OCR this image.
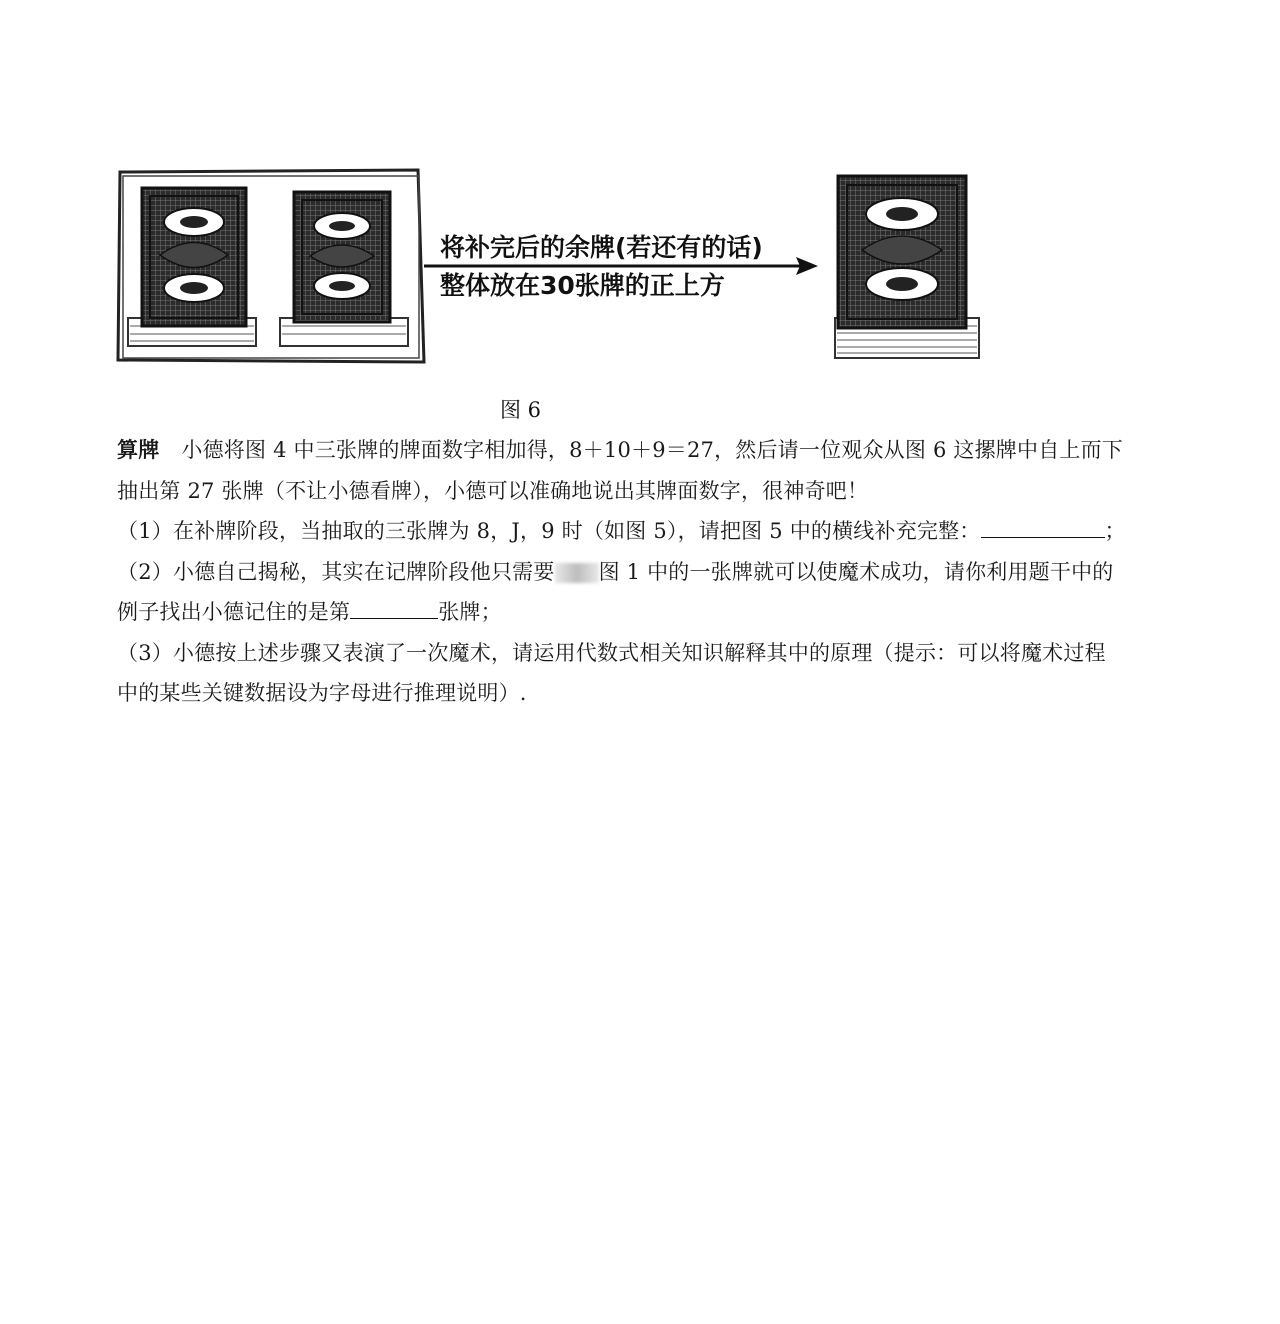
将补完后的余牌(若还有的话)
整体放在30张牌的正上方
图 6
算牌 小德将图 4 中三张牌的牌面数字相加得，8＋10＋9＝27，然后请一位观众从图 6 这摞牌中自上而下
抽出第 27 张牌（不让小德看牌），小德可以准确地说出其牌面数字，很神奇吧！
（1）在补牌阶段，当抽取的三张牌为 8，J，9 时（如图 5），请把图 5 中的横线补充完整：	；
（2）小德自己揭秘，其实在记牌阶段他只需要 图 1 中的一张牌就可以使魔术成功，请你利用题干中的
例子找出小德记住的是第	张牌；
（3）小德按上述步骤又表演了一次魔术，请运用代数式相关知识解释其中的原理（提示：可以将魔术过程
中的某些关键数据设为字母进行推理说明）.
